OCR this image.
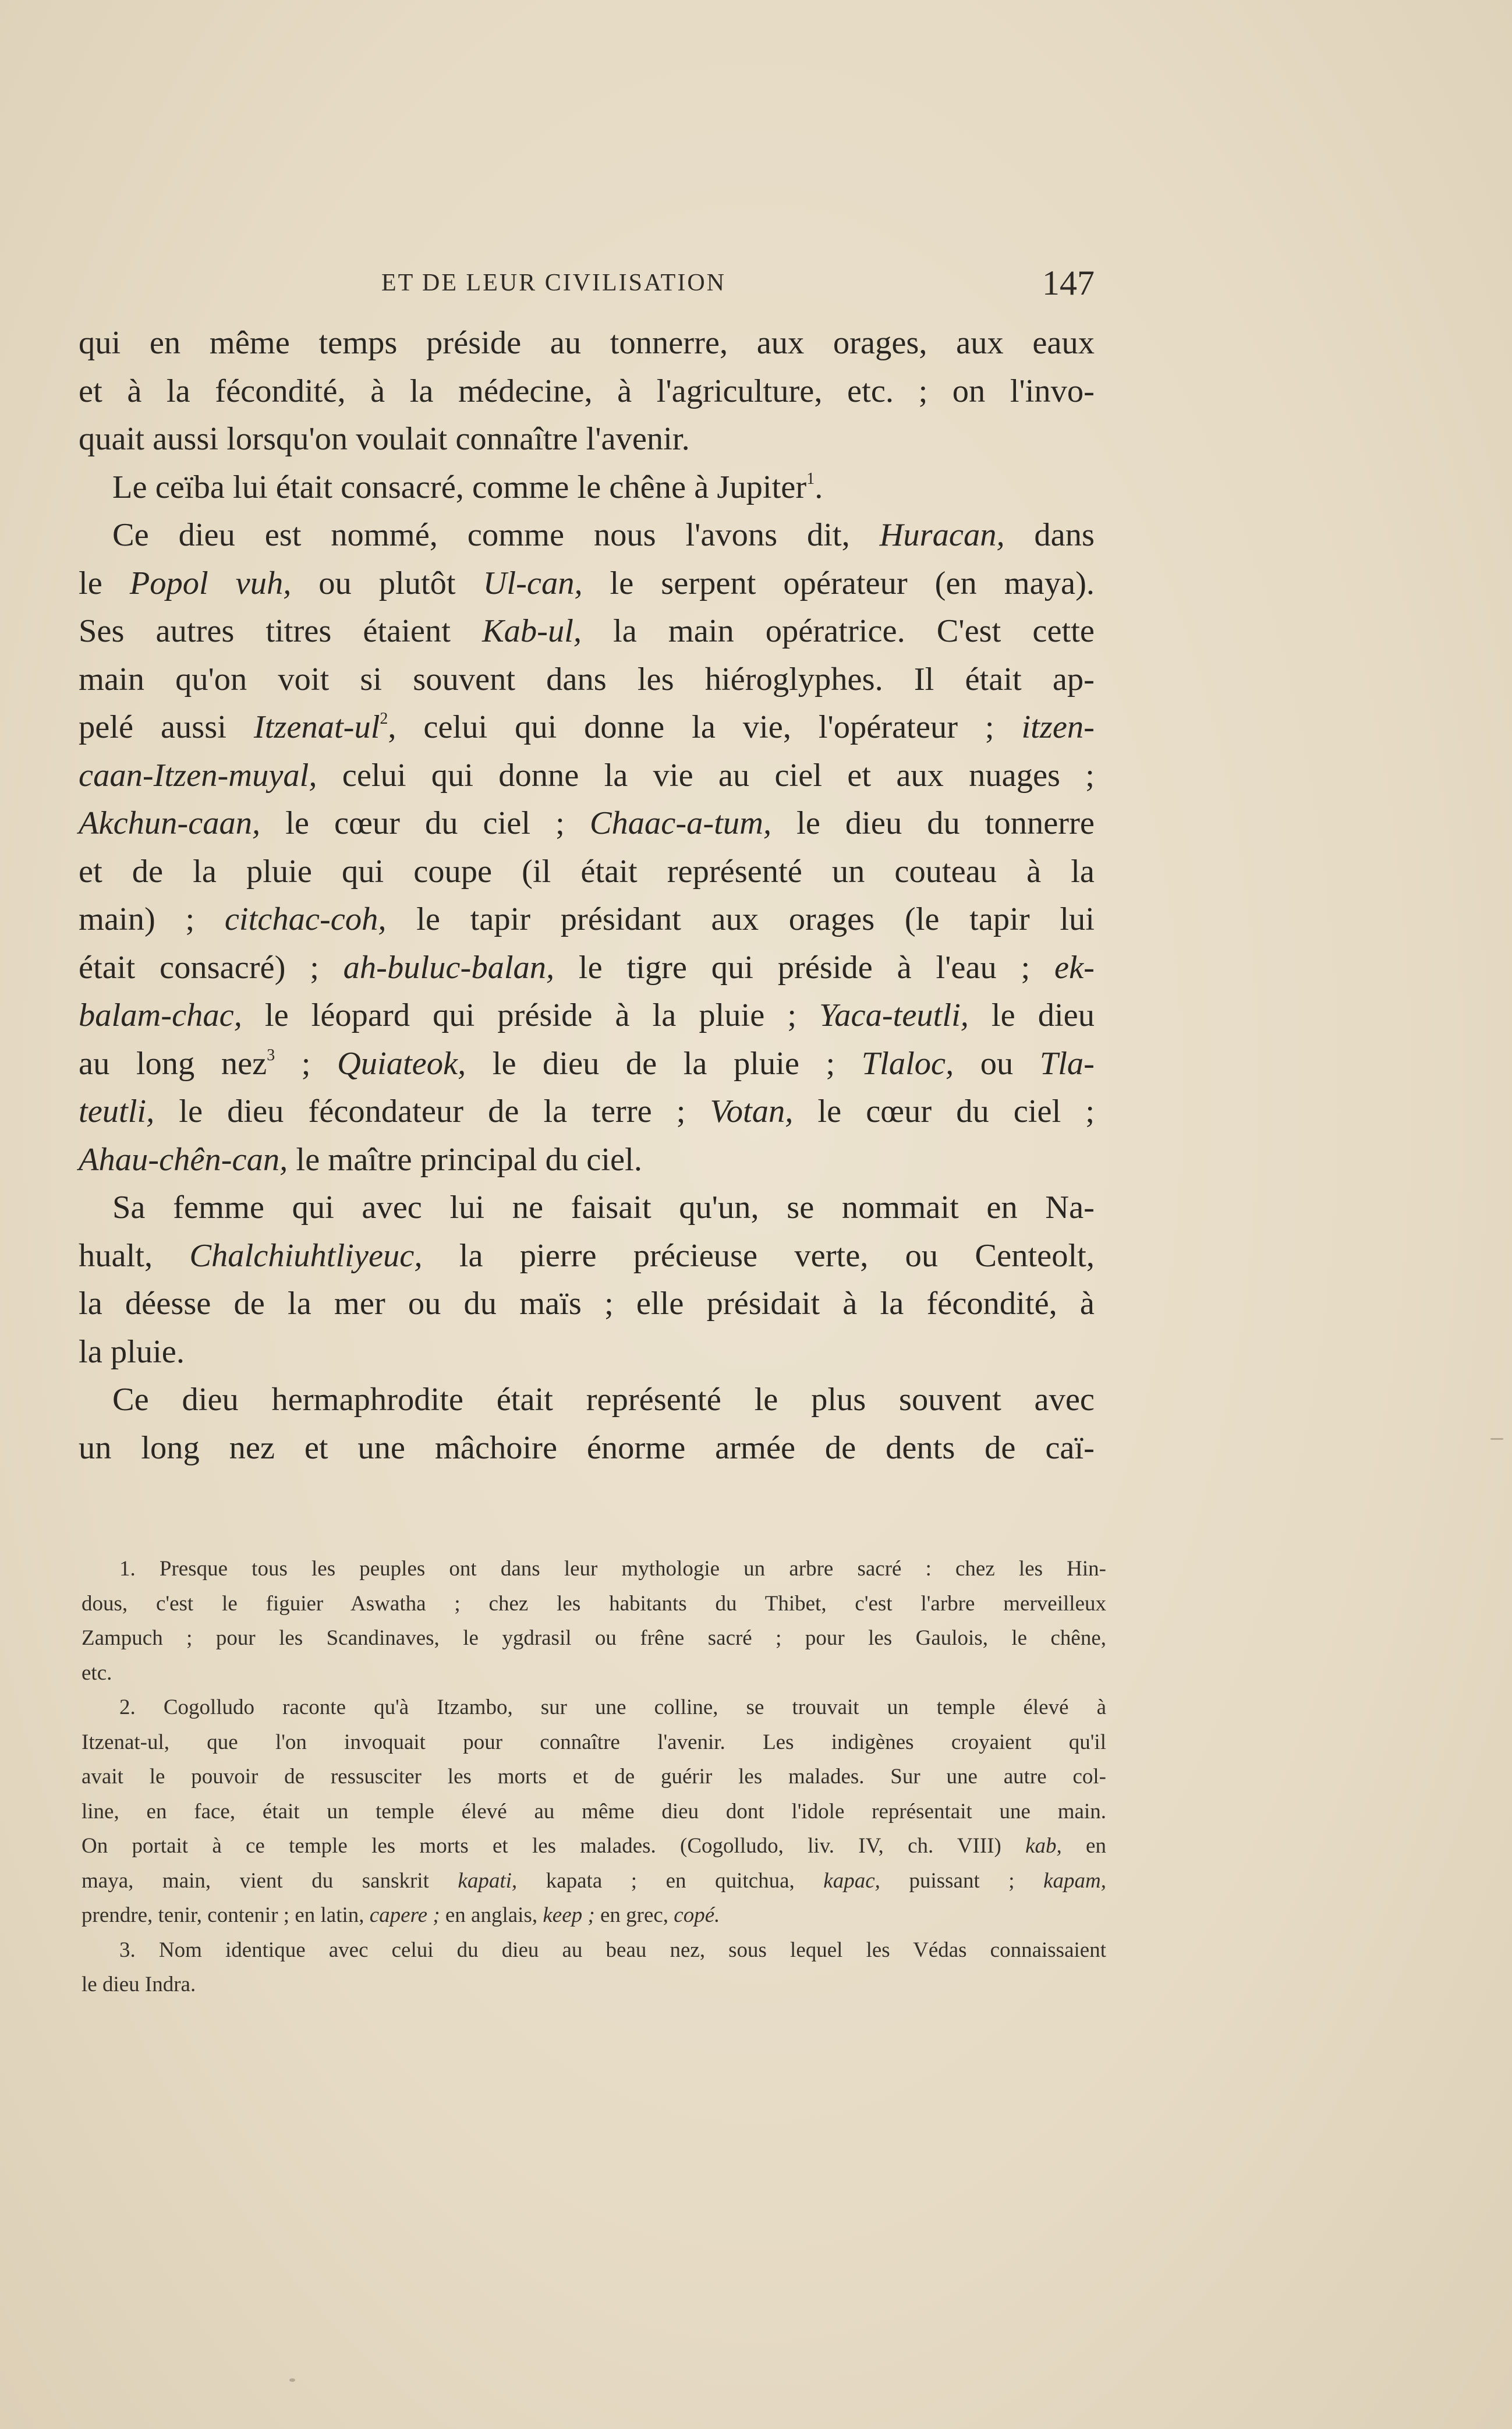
ET DE LEUR CIVILISATION	147
qui en même temps préside au tonnerre, aux orages, aux eaux
et à la fécondité, à la médecine, à l'agriculture, etc. ; on l'invo-
quait aussi lorsqu'on voulait connaître l'avenir.
Le ceïba lui était consacré, comme le chêne à Jupiter$^1$.
Ce dieu est nommé, comme nous l'avons dit, Huracan, dans
le Popol vuh, ou plutôt Ul-can, le serpent opérateur (en maya).
Ses autres titres étaient Kab-ul, la main opératrice. C'est cette
main qu'on voit si souvent dans les hiéroglyphes. Il était ap-
pelé aussi Itzenat-ul$^2$, celui qui donne la vie, l'opérateur ; itzen-
caan-Itzen-muyal, celui qui donne la vie au ciel et aux nuages ;
Akchun-caan, le cœur du ciel ; Chaac-a-tum, le dieu du tonnerre
et de la pluie qui coupe (il était représenté un couteau à la
main) ; citchac-coh, le tapir présidant aux orages (le tapir lui
était consacré) ; ah-buluc-balan, le tigre qui préside à l'eau ; ek-
balam-chac, le léopard qui préside à la pluie ; Yaca-teutli, le dieu
au long nez$^3$ ; Quiateok, le dieu de la pluie ; Tlaloc, ou Tla-
teutli, le dieu fécondateur de la terre ; Votan, le cœur du ciel ;
Ahau-chên-can, le maître principal du ciel.
Sa femme qui avec lui ne faisait qu'un, se nommait en Na-
hualt, Chalchiuhtliyeuc, la pierre précieuse verte, ou Centeolt,
la déesse de la mer ou du maïs ; elle présidait à la fécondité, à
la pluie.
Ce dieu hermaphrodite était représenté le plus souvent avec
un long nez et une mâchoire énorme armée de dents de caï-
1. Presque tous les peuples ont dans leur mythologie un arbre sacré : chez les Hin-
dous, c'est le figuier Aswatha ; chez les habitants du Thibet, c'est l'arbre merveilleux
Zampuch ; pour les Scandinaves, le ygdrasil ou frêne sacré ; pour les Gaulois, le chêne,
etc.
2. Cogolludo raconte qu'à Itzambo, sur une colline, se trouvait un temple élevé à
Itzenat-ul, que l'on invoquait pour connaître l'avenir. Les indigènes croyaient qu'il
avait le pouvoir de ressusciter les morts et de guérir les malades. Sur une autre col-
line, en face, était un temple élevé au même dieu dont l'idole représentait une main.
On portait à ce temple les morts et les malades. (Cogolludo, liv. IV, ch. VIII) kab, en
maya, main, vient du sanskrit kapati, kapata ; en quitchua, kapac, puissant ; kapam,
prendre, tenir, contenir ; en latin, capere ; en anglais, keep ; en grec, copé.
3. Nom identique avec celui du dieu au beau nez, sous lequel les Védas connaissaient
le dieu Indra.
